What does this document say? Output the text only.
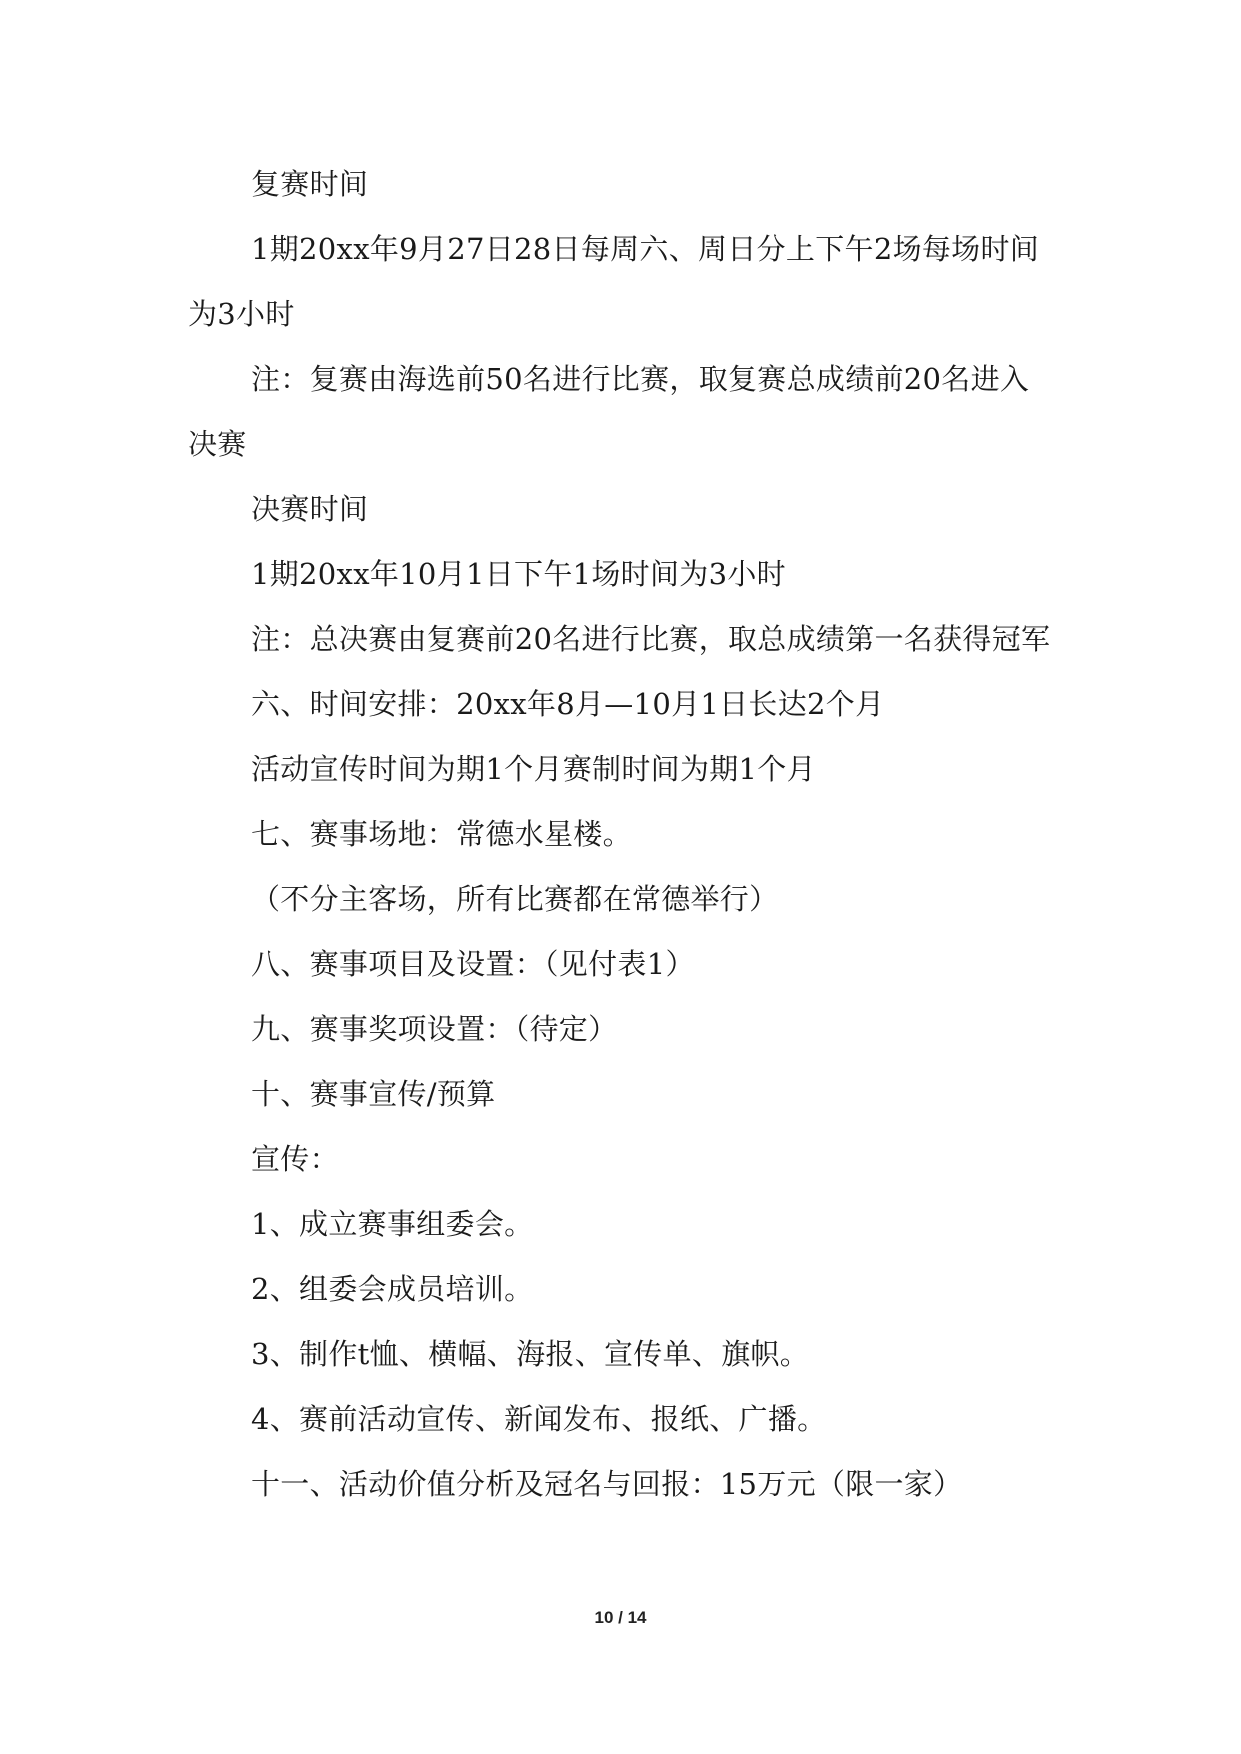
复赛时间

1期20xx年9月27日28日每周六、周日分上下午2场每场时间为3小时

注：复赛由海选前50名进行比赛，取复赛总成绩前20名进入决赛

决赛时间

1期20xx年10月1日下午1场时间为3小时

注：总决赛由复赛前20名进行比赛，取总成绩第一名获得冠军

六、时间安排：20xx年8月—10月1日长达2个月

活动宣传时间为期1个月赛制时间为期1个月

七、赛事场地：常德水星楼。

（不分主客场，所有比赛都在常德举行）

八、赛事项目及设置：（见付表1）

九、赛事奖项设置：（待定）

十、赛事宣传/预算

宣传：

1、成立赛事组委会。

2、组委会成员培训。

3、制作t恤、横幅、海报、宣传单、旗帜。

4、赛前活动宣传、新闻发布、报纸、广播。

十一、活动价值分析及冠名与回报：15万元（限一家）

10 / 14
